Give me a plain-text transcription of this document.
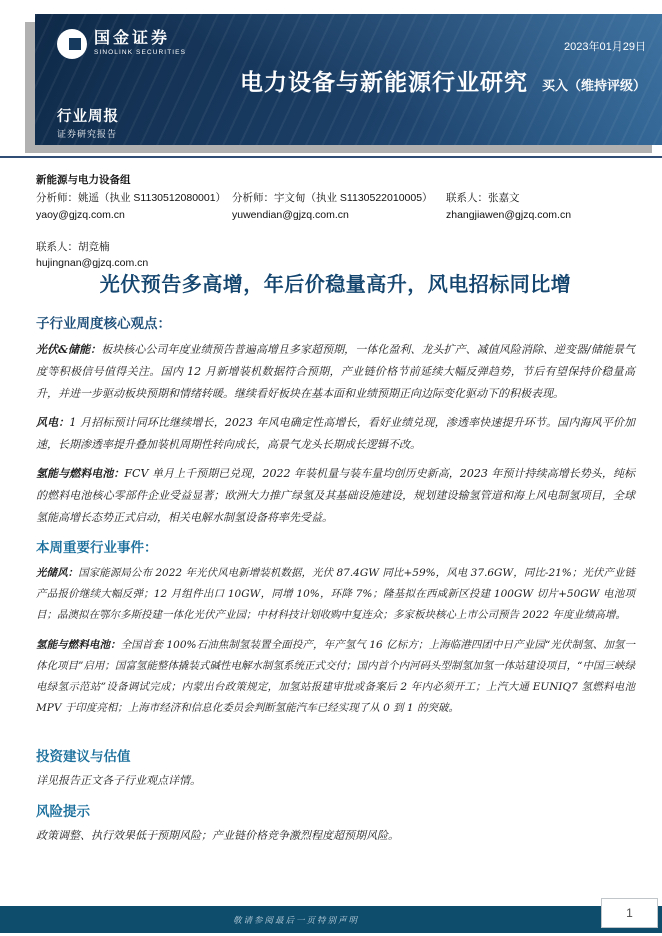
国金证券
SINOLINK SECURITIES	2023年01月29日
电力设备与新能源行业研究 买入（维持评级）
行业周报
证券研究报告
新能源与电力设备组
分析师：姚遥（执业 S1130512080001）
yaoy@gjzq.com.cn
分析师：宇文甸（执业 S1130522010005）
yuwendian@gjzq.com.cn
联系人：张嘉文
zhangjiawen@gjzq.com.cn
联系人：胡竞楠
hujingnan@gjzq.com.cn
光伏预告多高增，年后价稳量高升，风电招标同比增
子行业周度核心观点：

光伏&储能：板块核心公司年度业绩预告普遍高增且多家超预期，一体化盈利、龙头扩产、减值风险消除、逆变器/储能景气度等积极信号值得关注。国内 12 月新增装机数据符合预期，产业链价格节前延续大幅反弹趋势，节后有望保持价稳量高升，并进一步驱动板块预期和情绪转暖。继续看好板块在基本面和业绩预期正向边际变化驱动下的积极表现。

风电：1 月招标预计同环比继续增长，2023 年风电确定性高增长，看好业绩兑现，渗透率快速提升环节。国内海风平价加速，长期渗透率提升叠加装机周期性转向成长，高景气龙头长期成长逻辑不改。

氢能与燃料电池：FCV 单月上千预期已兑现，2022 年装机量与装车量均创历史新高，2023 年预计持续高增长势头，纯标的燃料电池核心零部件企业受益显著；欧洲大力推广绿氢及其基础设施建设，规划建设输氢管道和海上风电制氢项目，全球氢能高增长态势正式启动，相关电解水制氢设备将率先受益。

本周重要行业事件：

光储风：国家能源局公布 2022 年光伏风电新增装机数据，光伏 87.4GW 同比+59%，风电 37.6GW，同比-21%；光伏产业链产品报价继续大幅反弹；12 月组件出口 10GW，同增 10%，环降 7%；隆基拟在西咸新区投建 100GW 切片+50GW 电池项目；晶澳拟在鄂尔多斯投建一体化光伏产业园；中材科技计划收购中复连众；多家板块核心上市公司预告 2022 年度业绩高增。

氢能与燃料电池：全国首套 100%石油焦制氢装置全面投产，年产氢气 16 亿标方；上海临港四团中日产业园“光伏制氢、加氢一体化项目”启用；国富氢能整体撬装式碱性电解水制氢系统正式交付；国内首个内河码头型制氢加氢一体站建设项目，“中国三峡绿电绿氢示范站”设备调试完成；内蒙出台政策规定，加氢站报建审批或备案后 2 年内必须开工；上汽大通 EUNIQ7 氢燃料电池 MPV 于印度亮相；上海市经济和信息化委员会判断氢能汽车已经实现了从 0 到 1 的突破。

投资建议与估值

详见报告正文各子行业观点详情。

风险提示

政策调整、执行效果低于预期风险；产业链价格竞争激烈程度超预期风险。

敬请参阅最后一页特别声明
1
